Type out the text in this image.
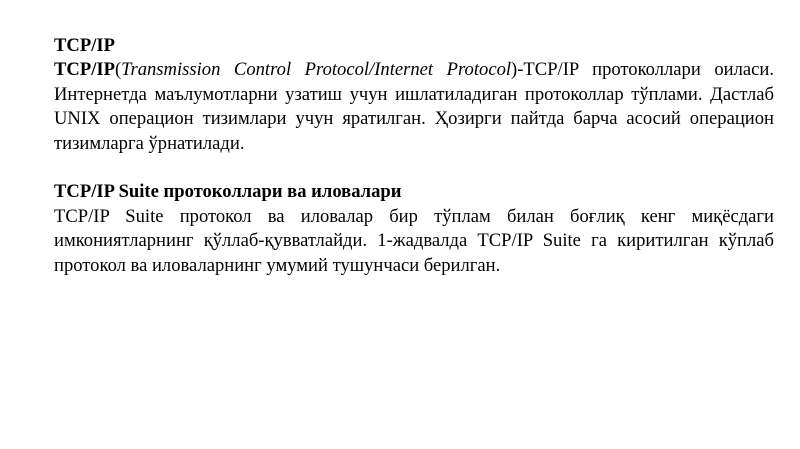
TCP/IP

TCP/IP(Transmission Control Protocol/Internet Protocol)-TCP/IP протоколлари оиласи. Интернетда маълумотларни узатиш учун ишлатиладиган протоколлар тўплами. Дастлаб UNIX операцион тизимлари учун яратилган. Ҳозирги пайтда барча асосий операцион тизимларга ўрнатилади.

TCP/IP Suite протоколлари ва иловалари

TCP/IP Suite протокол ва иловалар бир тўплам билан боғлиқ кенг миқёсдаги имкониятларнинг қўллаб-қувватлайди. 1-жадвалда TCP/IP Suite га киритилган кўплаб протокол ва иловаларнинг умумий тушунчаси берилган.
